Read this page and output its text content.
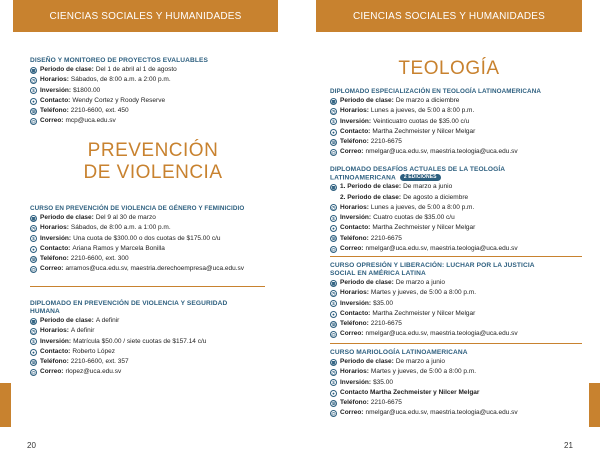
CIENCIAS SOCIALES Y HUMANIDADES
DISEÑO Y MONITOREO DE PROYECTOS EVALUABLES
▦ Periodo de clase: Del 1 de abril al 1 de agosto
◷ Horarios: Sábados, de 8:00 a.m. a 2:00 p.m.
$ Inversión: $1800.00
● Contacto: Wendy Cortez y Roody Reserve
☏ Teléfono: 2210-6600, ext. 450
@ Correo: mcp@uca.edu.sv
PREVENCIÓN
DE VIOLENCIA
CURSO EN PREVENCIÓN DE VIOLENCIA DE GÉNERO Y FEMINICIDIO
▦ Periodo de clase: Del 9 al 30 de marzo
◷ Horarios: Sábados, de 8:00 a.m. a 1:00 p.m.
$ Inversión: Una cuota de $300.00 o dos cuotas de $175.00 c/u
● Contacto: Ariana Ramos y Marcela Bonilla
☏ Teléfono: 2210-6600, ext. 300
@ Correo: arramos@uca.edu.sv, maestria.derechoempresa@uca.edu.sv
DIPLOMADO EN PREVENCIÓN DE VIOLENCIA Y SEGURIDAD
HUMANA
▦ Periodo de clase: A definir
◷ Horarios: A definir
$ Inversión: Matrícula $50.00 / siete cuotas de $157.14 c/u
● Contacto: Roberto López
☏ Teléfono: 2210-6600, ext. 357
@ Correo: rlopez@uca.edu.sv
20
CIENCIAS SOCIALES Y HUMANIDADES
TEOLOGÍA
DIPLOMADO ESPECIALIZACIÓN EN TEOLOGÍA LATINOAMERICANA
▦ Periodo de clase: De marzo a diciembre
◷ Horarios: Lunes a jueves, de 5:00 a 8:00 p.m.
$ Inversión: Veinticuatro cuotas de $35.00 c/u
● Contacto: Martha Zechmeister y Nilcer Melgar
☏ Teléfono: 2210-6675
@ Correo: nmelgar@uca.edu.sv, maestria.teologia@uca.edu.sv
DIPLOMADO DESAFÍOS ACTUALES DE LA TEOLOGÍA
LATINOAMERICANA 2 EDICIONES
▦ 1. Periodo de clase: De marzo a junio
2. Periodo de clase: De agosto a diciembre
◷ Horarios: Lunes a jueves, de 5:00 a 8:00 p.m.
$ Inversión: Cuatro cuotas de $35.00 c/u
● Contacto: Martha Zechmeister y Nilcer Melgar
☏ Teléfono: 2210-6675
@ Correo: nmelgar@uca.edu.sv, maestria.teologia@uca.edu.sv
CURSO OPRESIÓN Y LIBERACIÓN: LUCHAR POR LA JUSTICIA
SOCIAL EN AMÉRICA LATINA
▦ Periodo de clase: De marzo a junio
◷ Horarios: Martes y jueves, de 5:00 a 8:00 p.m.
$ Inversión: $35.00
● Contacto: Martha Zechmeister y Nilcer Melgar
☏ Teléfono: 2210-6675
@ Correo: nmelgar@uca.edu.sv, maestria.teologia@uca.edu.sv
CURSO MARIOLOGÍA LATINOAMERICANA
▦ Periodo de clase: De marzo a junio
◷ Horarios: Martes y jueves, de 5:00 a 8:00 p.m.
$ Inversión: $35.00
● Contacto Martha Zechmeister y Nilcer Melgar
☏ Teléfono: 2210-6675
@ Correo: nmelgar@uca.edu.sv, maestria.teologia@uca.edu.sv
21
